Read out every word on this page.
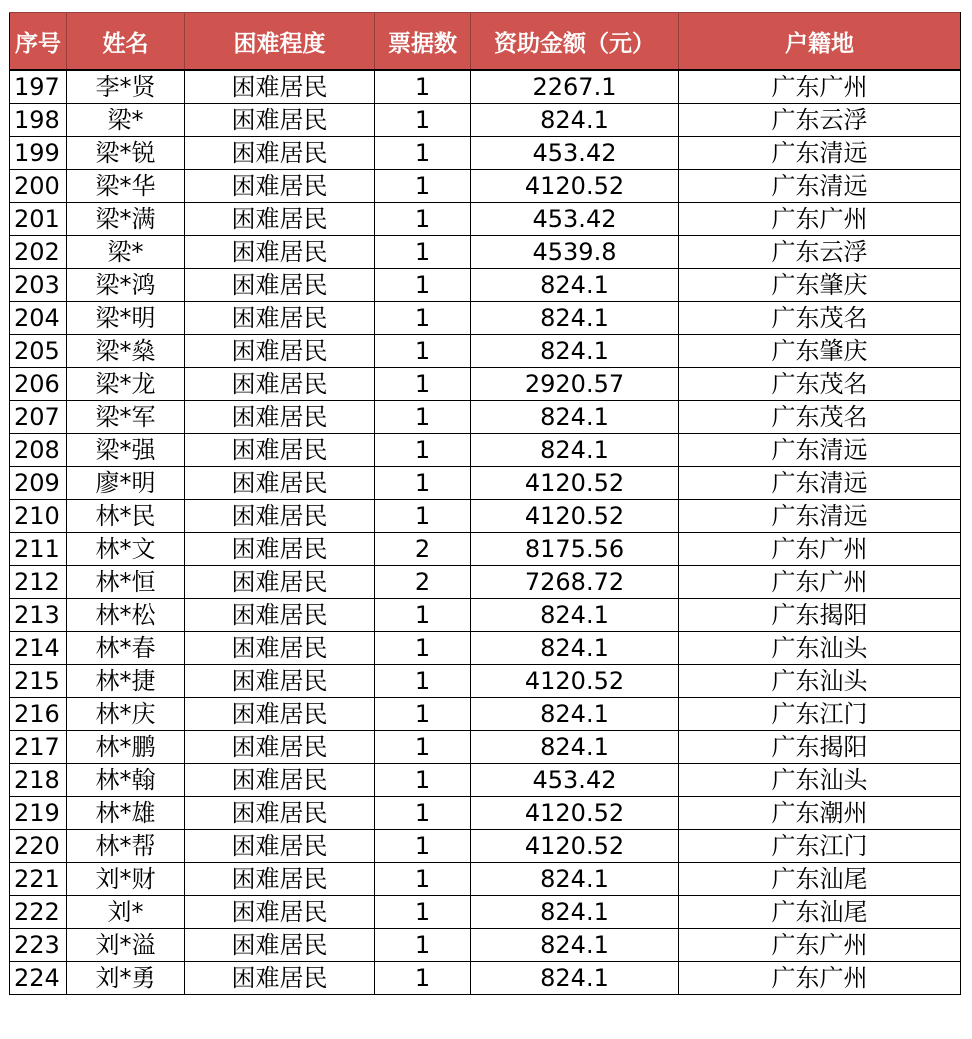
序号	姓名	困难程度	票据数	资助金额（元）	户籍地
197	李*贤	困难居民	1	2267.1	广东广州
198	梁*	困难居民	1	824.1	广东云浮
199	梁*锐	困难居民	1	453.42	广东清远
200	梁*华	困难居民	1	4120.52	广东清远
201	梁*满	困难居民	1	453.42	广东广州
202	梁*	困难居民	1	4539.8	广东云浮
203	梁*鸿	困难居民	1	824.1	广东肇庆
204	梁*明	困难居民	1	824.1	广东茂名
205	梁*燊	困难居民	1	824.1	广东肇庆
206	梁*龙	困难居民	1	2920.57	广东茂名
207	梁*军	困难居民	1	824.1	广东茂名
208	梁*强	困难居民	1	824.1	广东清远
209	廖*明	困难居民	1	4120.52	广东清远
210	林*民	困难居民	1	4120.52	广东清远
211	林*文	困难居民	2	8175.56	广东广州
212	林*恒	困难居民	2	7268.72	广东广州
213	林*松	困难居民	1	824.1	广东揭阳
214	林*春	困难居民	1	824.1	广东汕头
215	林*捷	困难居民	1	4120.52	广东汕头
216	林*庆	困难居民	1	824.1	广东江门
217	林*鹏	困难居民	1	824.1	广东揭阳
218	林*翰	困难居民	1	453.42	广东汕头
219	林*雄	困难居民	1	4120.52	广东潮州
220	林*帮	困难居民	1	4120.52	广东江门
221	刘*财	困难居民	1	824.1	广东汕尾
222	刘*	困难居民	1	824.1	广东汕尾
223	刘*溢	困难居民	1	824.1	广东广州
224	刘*勇	困难居民	1	824.1	广东广州
